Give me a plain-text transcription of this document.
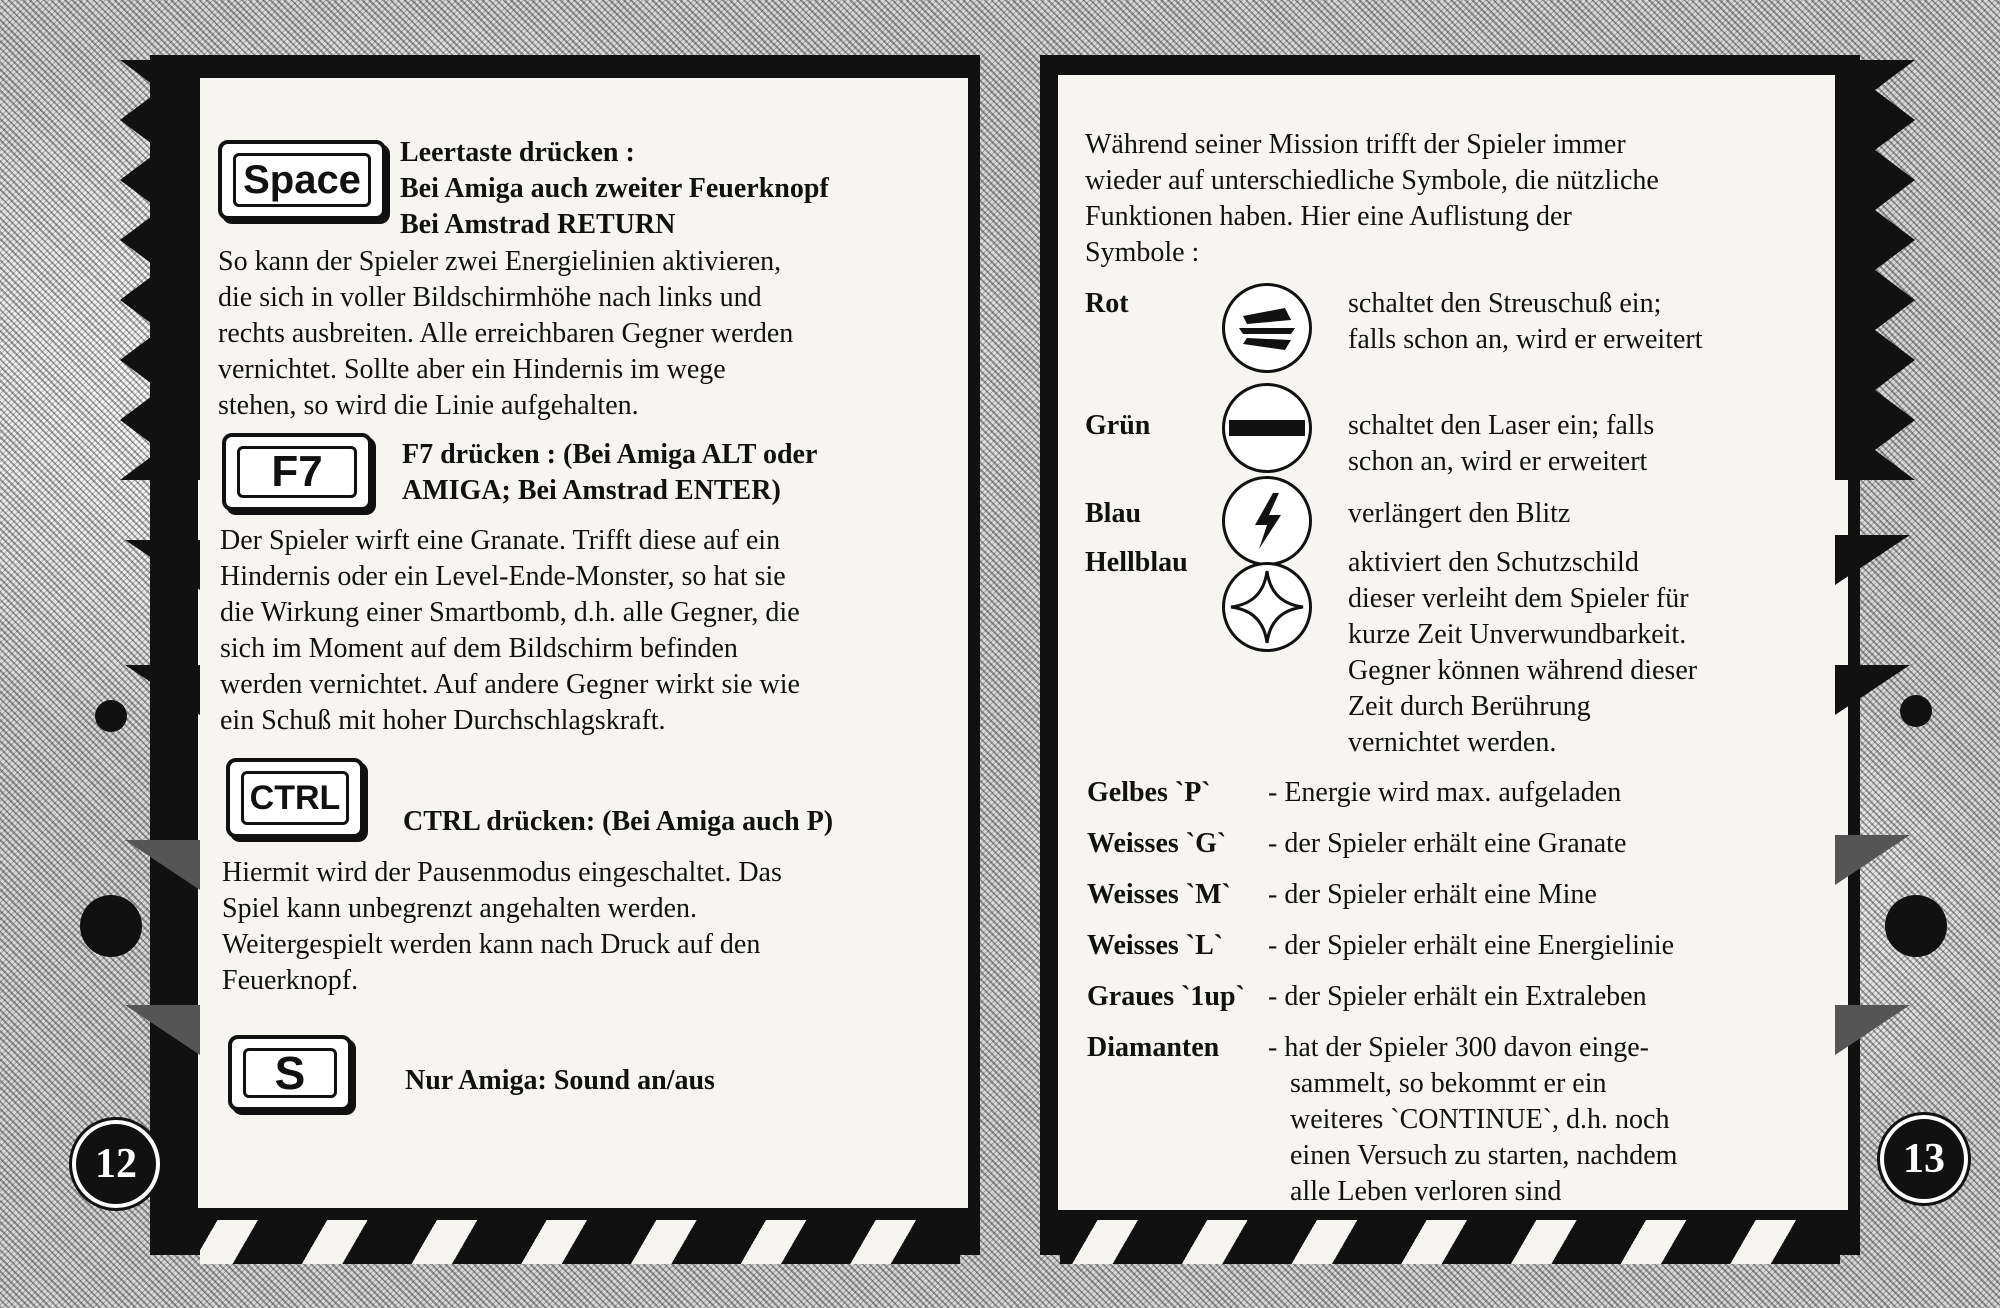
12	13
Space
Leertaste drücken :
Bei Amiga auch zweiter Feuerknopf
Bei Amstrad RETURN
So kann der Spieler zwei Energielinien aktivieren,
die sich in voller Bildschirmhöhe nach links und
rechts ausbreiten. Alle erreichbaren Gegner werden
vernichtet. Sollte aber ein Hindernis im wege
stehen, so wird die Linie aufgehalten.
F7	F7 drücken : (Bei Amiga ALT oder
AMIGA; Bei Amstrad ENTER)
Der Spieler wirft eine Granate. Trifft diese auf ein
Hindernis oder ein Level-Ende-Monster, so hat sie
die Wirkung einer Smartbomb, d.h. alle Gegner, die
sich im Moment auf dem Bildschirm befinden
werden vernichtet. Auf andere Gegner wirkt sie wie
ein Schuß mit hoher Durchschlagskraft.
CTRL
CTRL drücken: (Bei Amiga auch P)
Hiermit wird der Pausenmodus eingeschaltet. Das
Spiel kann unbegrenzt angehalten werden.
Weitergespielt werden kann nach Druck auf den
Feuerknopf.
S	Nur Amiga: Sound an/aus
Während seiner Mission trifft der Spieler immer
wieder auf unterschiedliche Symbole, die nützliche
Funktionen haben. Hier eine Auflistung der
Symbole :
Rot	schaltet den Streuschuß ein;
falls schon an, wird er erweitert
Grün	schaltet den Laser ein; falls
schon an, wird er erweitert
Blau	verlängert den Blitz
Hellblau	aktiviert den Schutzschild
dieser verleiht dem Spieler für
kurze Zeit Unverwundbarkeit.
Gegner können während dieser
Zeit durch Berührung
vernichtet werden.
Gelbes `P` - Energie wird max. aufgeladen
Weisses `G` - der Spieler erhält eine Granate
Weisses `M` - der Spieler erhält eine Mine
Weisses `L` - der Spieler erhält eine Energielinie
Graues `1up` - der Spieler erhält ein Extraleben
Diamanten - hat der Spieler 300 davon einge-
sammelt, so bekommt er ein
weiteres `CONTINUE`, d.h. noch
einen Versuch zu starten, nachdem
alle Leben verloren sind
